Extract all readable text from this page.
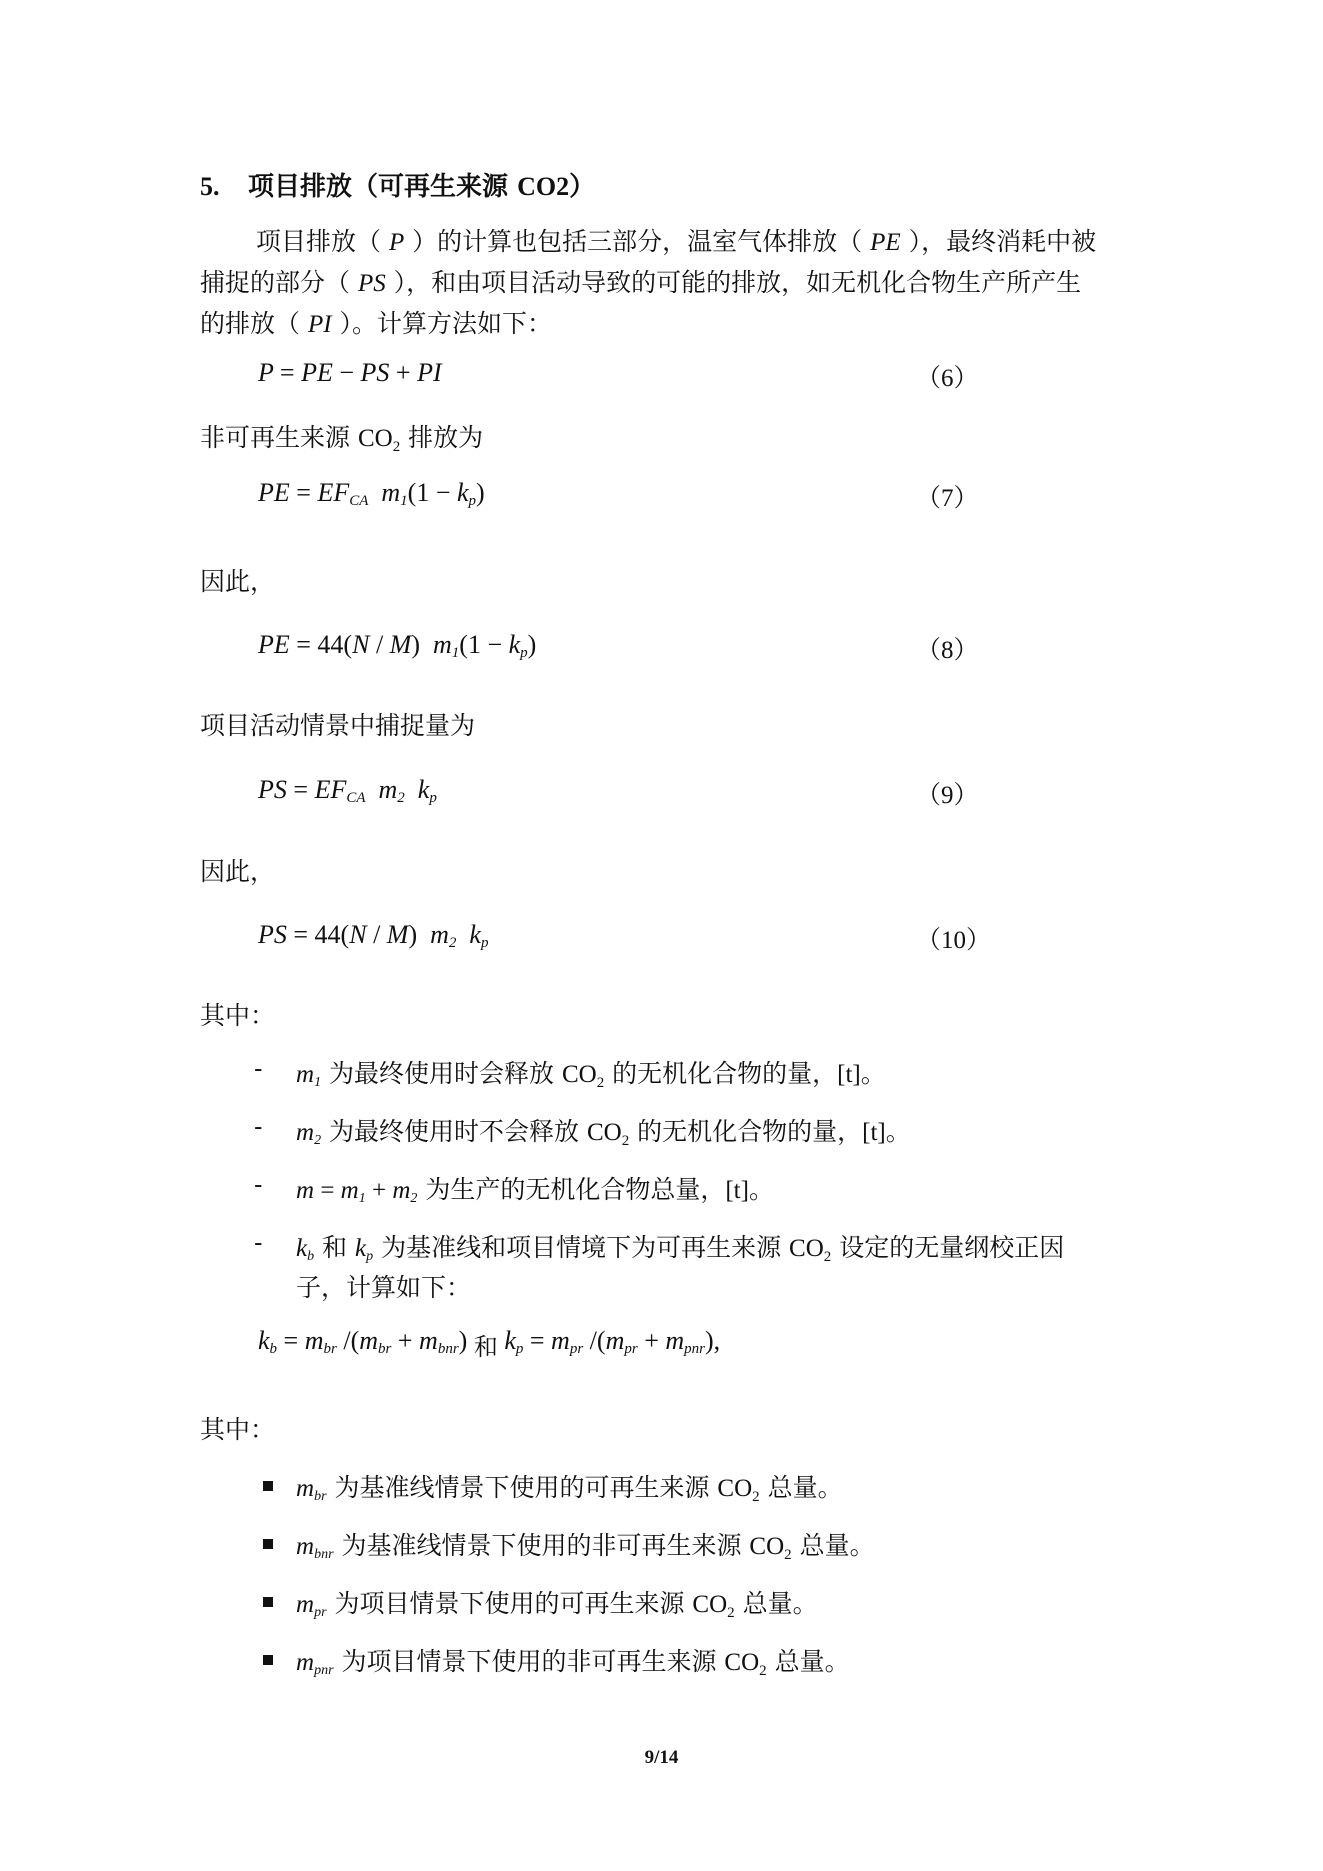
5. 项目排放（可再生来源 CO2）

项目排放（ P ）的计算也包括三部分，温室气体排放（ PE ），最终消耗中被

捕捉的部分（ PS ），和由项目活动导致的可能的排放，如无机化合物生产所产生

的排放（ PI ）。计算方法如下：

P = PE − PS + PI	（6）
非可再生来源 $CO_2$ 排放为
PE = $EF_{CA}$  $m_1(1 - k_p)$	（7）
因此，
PE = 44(N / M)  $m_1(1 - k_p)$	（8）
项目活动情景中捕捉量为
PS = $EF_{CA}$  $m_2$  $k_p$	（9）
因此，
PS = 44(N / M)  $m_2$  $k_p$	（10）
其中：
- $m_1$ 为最终使用时会释放 $CO_2$ 的无机化合物的量，[t]。
- $m_2$ 为最终使用时不会释放 $CO_2$ 的无机化合物的量，[t]。
- $m = m_1 + m_2$ 为生产的无机化合物总量，[t]。
- $k_b$ 和 $k_p$ 为基准线和项目情境下为可再生来源 $CO_2$ 设定的无量纲校正因
子，计算如下：
$k_b = m_{br}$ $/(m_{br} + m_{bnr})$ 和 $k_p = m_{pr}$ $/(m_{pr} + m_{pnr})$,
其中：
$m_{br}$ 为基准线情景下使用的可再生来源 $CO_2$ 总量。
$m_{bnr}$ 为基准线情景下使用的非可再生来源 $CO_2$ 总量。
$m_{pr}$ 为项目情景下使用的可再生来源 $CO_2$ 总量。
$m_{pnr}$ 为项目情景下使用的非可再生来源 $CO_2$ 总量。
9/14
